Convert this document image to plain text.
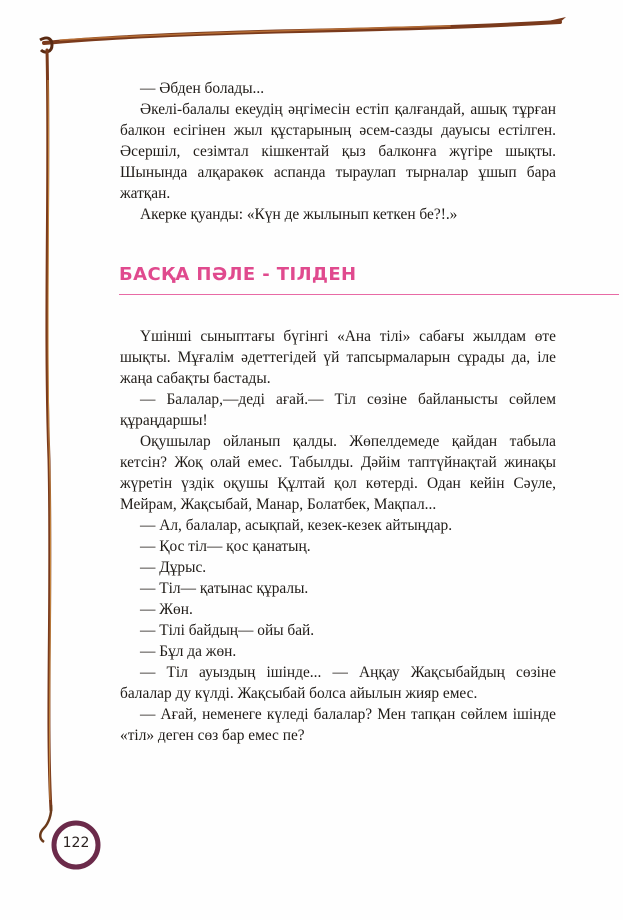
— Әбден болады...

Әкелі-балалы екеудің әңгімесін естіп қалғандай, ашық тұрған балкон есігінен жыл құстарының әсем-сазды дауысы естілген. Әсершіл, сезімтал кішкентай қыз балконға жүгіре шықты. Шынында алқаракөк аспанда тыраулап тырналар ұшып бара жатқан.

Акерке қуанды: «Күн де жылынып кеткен бе?!.»

БАСҚА ПӘЛЕ - ТІЛДЕН

Үшінші сыныптағы бүгінгі «Ана тілі» сабағы жылдам өте шықты. Мұғалім әдеттегідей үй тапсырмаларын сұрады да, іле жаңа сабақты бастады.

— Балалар,—деді ағай.— Тіл сөзіне байланысты сөйлем құраңдаршы!

Оқушылар ойланып қалды. Жөпелдемеде қайдан табыла кетсін? Жоқ олай емес. Табылды. Дәйім таптүйнақтай жинақы жүретін үздік оқушы Құлтай қол көтерді. Одан кейін Сәуле, Мейрам, Жақсыбай, Манар, Болатбек, Мақпал...

— Ал, балалар, асықпай, кезек-кезек айтыңдар.

— Қос тіл— қос қанатың.

— Дұрыс.

— Тіл— қатынас құралы.

— Жөн.

— Тілі байдың— ойы бай.

— Бұл да жөн.

— Тіл ауыздың ішінде... — Аңқау Жақсыбайдың сөзіне балалар ду күлді. Жақсыбай болса айылын жияр емес.

— Ағай, неменеге күледі балалар? Мен тапқан сөйлем ішінде «тіл» деген сөз бар емес пе?

122
